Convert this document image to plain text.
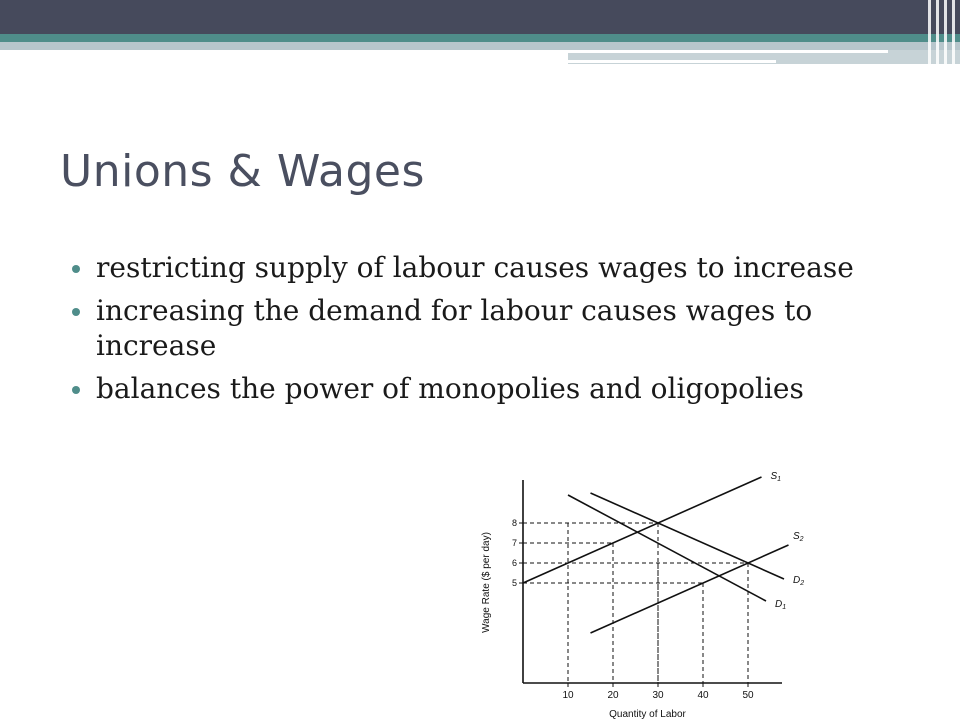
Unions & Wages
restricting supply of labour causes wages to increase
increasing the demand for labour causes wages to increase
balances the power of monopolies and oligopolies
5
6
7
8
10	20	30	40	50
$S_1$
$S_2$
$D_2$
$D_1$
Quantity of Labor
Wage Rate ($ per day)
